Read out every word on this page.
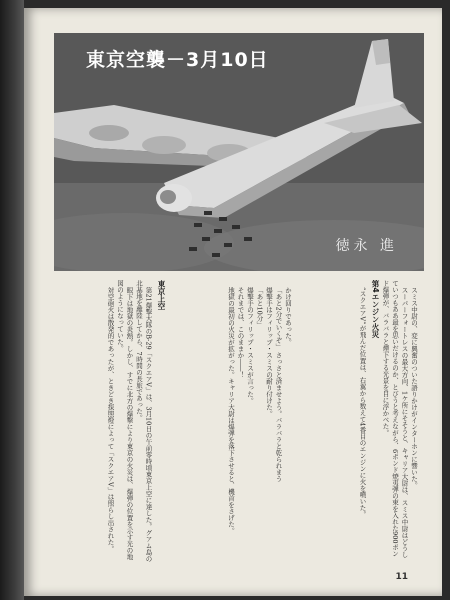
東京空襲－3月10日
徳永 進
東京上空

第21爆撃大隊のB-29「スクエアV」は、3月10日の午前零時頃東京上空に達した。グアム島の北基地を離陸してから、7時間の長旅であった。

眼下は地獄の炎熱。しかし、すでに北方の爆撃により東京の火災は、爆弾の位置を示す光の地図のようになっていた。

対空砲火は散発的であったが、ときどき探照燈によって「スクエアV」は照らし出された。	かけ回りであった。

「あと2分でいくぞ」 さっさと済ませよう。バラバラと乾られまう

爆撃手はフィリップ・スミスの耐り付けた。

「あと10分」

爆撃手のフィリップ・スミスが言った。

それまでは、このままか――！

地獄の最初の火災が拡がった。キャリア大尉は爆弾を落下させると、機首をさげた。	スミス中尉の、変に興奮のついた語りかけがインターホンに響いた。

スーパーフォートレスの最大方向、1ケ所にそそうと、キャリア大尉は、スミス中尉はどうしていつもああ最を思いだけるのか、とびうと考えながら、6ポンド焼夷弾の束を入れた900ポンド爆弾が、バラバラと煙下する光景を目に浮かべた。

第4エンジン火災

“スクエアV”が飛んだ位置は、右翼から数えて4番目のエンジンに火を噴いた。

11
